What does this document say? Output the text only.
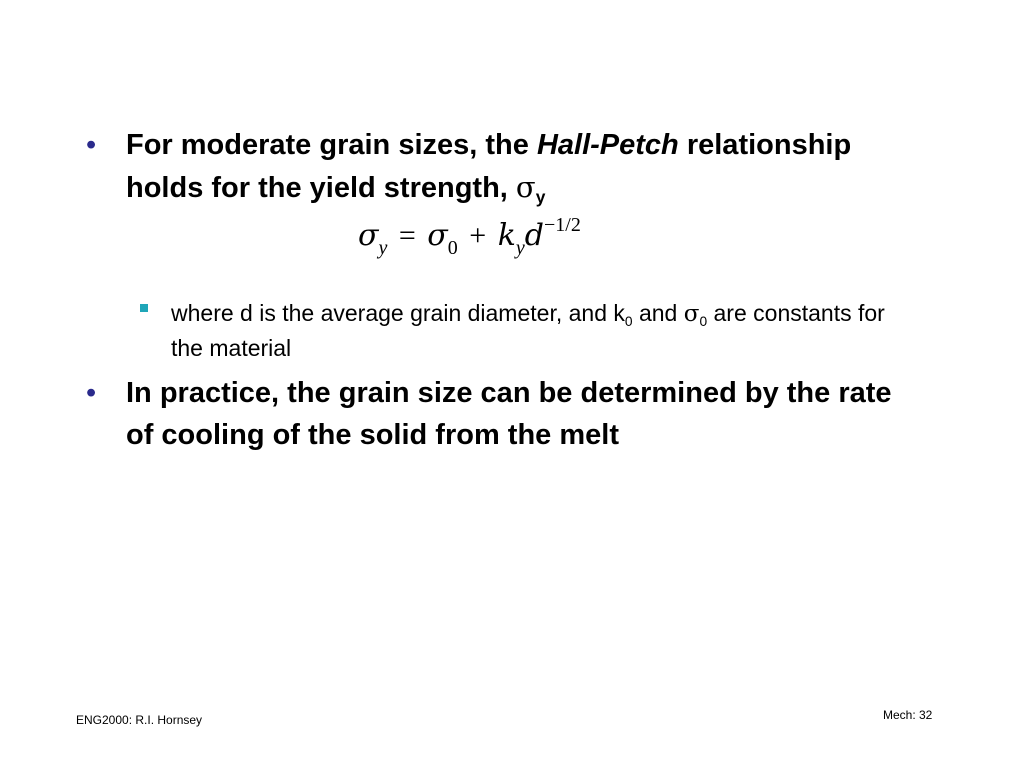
• For moderate grain sizes, the Hall-Petch relationship holds for the yield strength, $\sigma_y$
$\sigma_y = \sigma_0 + k_yd^{-1/2}$
where d is the average grain diameter, and $k_0$ and $\sigma_0$ are constants for the material
• In practice, the grain size can be determined by the rate of cooling of the solid from the melt
ENG2000: R.I. Hornsey	Mech: 32
